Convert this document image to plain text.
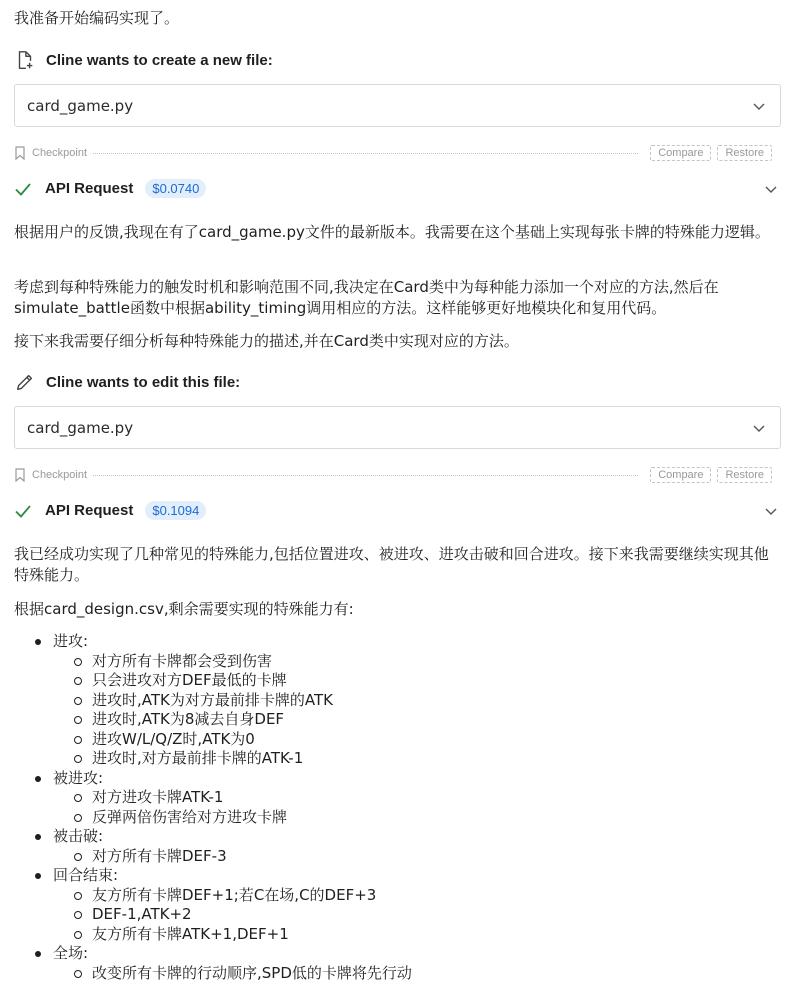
我准备开始编码实现了。
Cline wants to create a new file:
card_game.py
Checkpoint	Compare	Restore
API Request	$0.0740
根据用户的反馈,我现在有了card_game.py文件的最新版本。我需要在这个基础上实现每张卡牌的特殊能力逻辑。
考虑到每种特殊能力的触发时机和影响范围不同,我决定在Card类中为每种能力添加一个对应的方法,然后在simulate_battle函数中根据ability_timing调用相应的方法。这样能够更好地模块化和复用代码。
接下来我需要仔细分析每种特殊能力的描述,并在Card类中实现对应的方法。
Cline wants to edit this file:
card_game.py
Checkpoint	Compare	Restore
API Request	$0.1094
我已经成功实现了几种常见的特殊能力,包括位置进攻、被进攻、进攻击破和回合进攻。接下来我需要继续实现其他特殊能力。
根据card_design.csv,剩余需要实现的特殊能力有:
进攻:
对方所有卡牌都会受到伤害
只会进攻对方DEF最低的卡牌
进攻时,ATK为对方最前排卡牌的ATK
进攻时,ATK为8减去自身DEF
进攻W/L/Q/Z时,ATK为0
进攻时,对方最前排卡牌的ATK-1
被进攻:
对方进攻卡牌ATK-1
反弹两倍伤害给对方进攻卡牌
被击破:
对方所有卡牌DEF-3
回合结束:
友方所有卡牌DEF+1;若C在场,C的DEF+3
DEF-1,ATK+2
友方所有卡牌ATK+1,DEF+1
全场:
改变所有卡牌的行动顺序,SPD低的卡牌将先行动
